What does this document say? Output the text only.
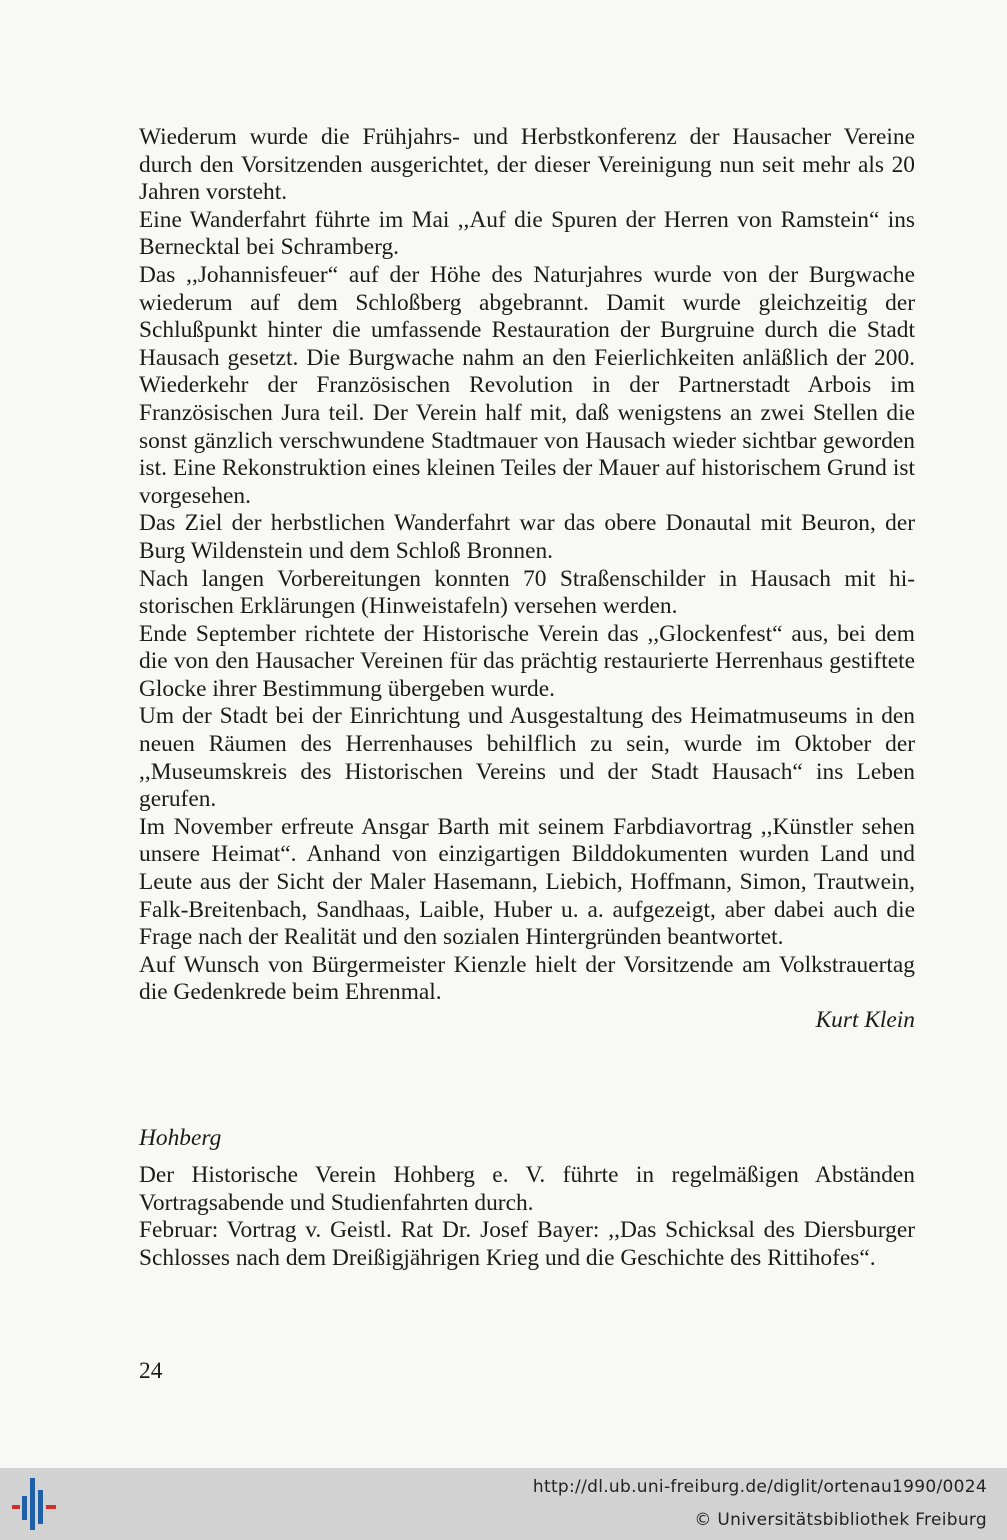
Wiederum wurde die Frühjahrs- und Herbstkonferenz der Hausacher Vereine durch den Vorsitzenden ausgerichtet, der dieser Vereinigung nun seit mehr als 20 Jahren vorsteht.

Eine Wanderfahrt führte im Mai ,,Auf die Spuren der Herren von Ramstein“ ins Bernecktal bei Schramberg.

Das ,,Johannisfeuer“ auf der Höhe des Naturjahres wurde von der Burgwache wiederum auf dem Schloßberg abgebrannt. Damit wurde gleichzeitig der Schlußpunkt hinter die umfassende Restauration der Burgruine durch die Stadt Hausach gesetzt. Die Burgwache nahm an den Feierlichkeiten anläßlich der 200. Wiederkehr der Französischen Revolution in der Partnerstadt Arbois im Französischen Jura teil. Der Verein half mit, daß wenigstens an zwei Stellen die sonst gänzlich verschwundene Stadtmauer von Hausach wieder sichtbar geworden ist. Eine Rekonstruktion eines kleinen Teiles der Mauer auf historischem Grund ist vorgesehen.

Das Ziel der herbstlichen Wanderfahrt war das obere Donautal mit Beuron, der Burg Wildenstein und dem Schloß Bronnen.

Nach langen Vorbereitungen konnten 70 Straßenschilder in Hausach mit historischen Erklärungen (Hinweistafeln) versehen werden.

Ende September richtete der Historische Verein das ,,Glockenfest“ aus, bei dem die von den Hausacher Vereinen für das prächtig restaurierte Herrenhaus gestiftete Glocke ihrer Bestimmung übergeben wurde.

Um der Stadt bei der Einrichtung und Ausgestaltung des Heimatmuseums in den neuen Räumen des Herrenhauses behilflich zu sein, wurde im Oktober der ,,Museumskreis des Historischen Vereins und der Stadt Hausach“ ins Leben gerufen.

Im November erfreute Ansgar Barth mit seinem Farbdiavortrag ,,Künstler sehen unsere Heimat“. Anhand von einzigartigen Bilddokumenten wurden Land und Leute aus der Sicht der Maler Hasemann, Liebich, Hoffmann, Simon, Trautwein, Falk-Breitenbach, Sandhaas, Laible, Huber u. a. aufgezeigt, aber dabei auch die Frage nach der Realität und den sozialen Hintergründen beantwortet.

Auf Wunsch von Bürgermeister Kienzle hielt der Vorsitzende am Volkstrauertag die Gedenkrede beim Ehrenmal.

Kurt Klein

Hohberg

Der Historische Verein Hohberg e. V. führte in regelmäßigen Abständen Vortragsabende und Studienfahrten durch.

Februar: Vortrag v. Geistl. Rat Dr. Josef Bayer: ,,Das Schicksal des Diersburger Schlosses nach dem Dreißigjährigen Krieg und die Geschichte des Rittihofes“.

24
http://dl.ub.uni-freiburg.de/diglit/ortenau1990/0024
© Universitätsbibliothek Freiburg
